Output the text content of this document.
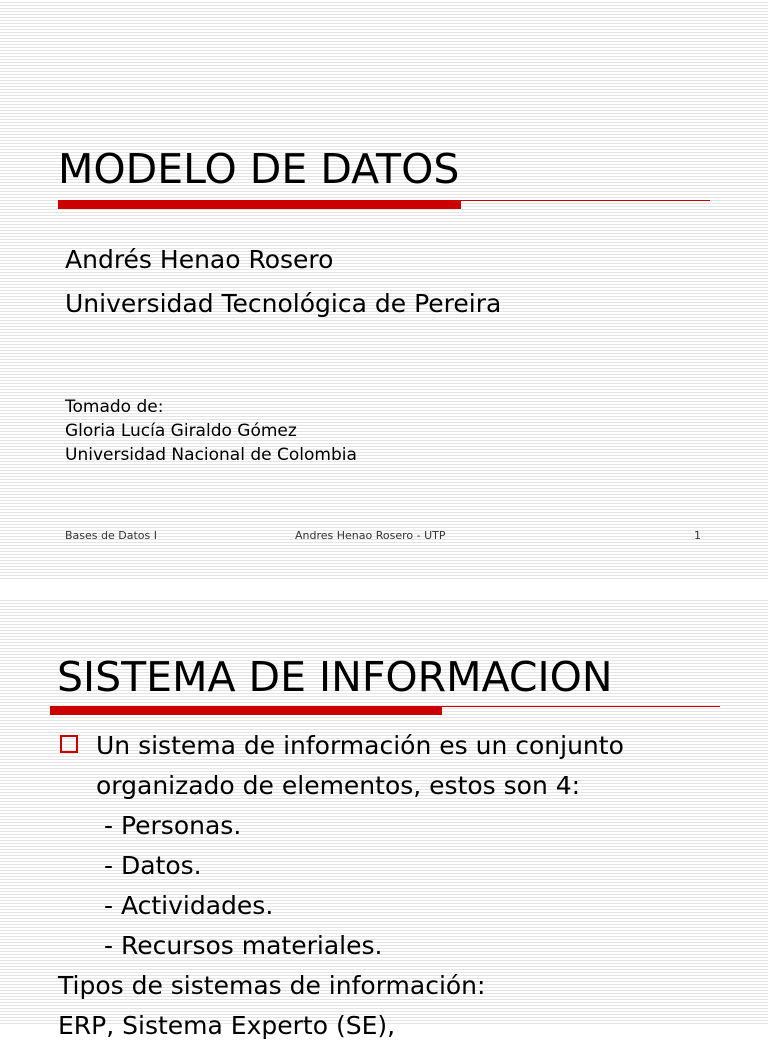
MODELO DE DATOS
Andrés Henao Rosero
Universidad Tecnológica de Pereira
Tomado de:
Gloria Lucía Giraldo Gómez
Universidad Nacional de Colombia
Bases de Datos I	Andres Henao Rosero - UTP	1
SISTEMA DE INFORMACION
Un sistema de información es un conjunto
organizado de elementos, estos son 4:
- Personas.
- Datos.
- Actividades.
- Recursos materiales.
Tipos de sistemas de información:
ERP, Sistema Experto (SE),
